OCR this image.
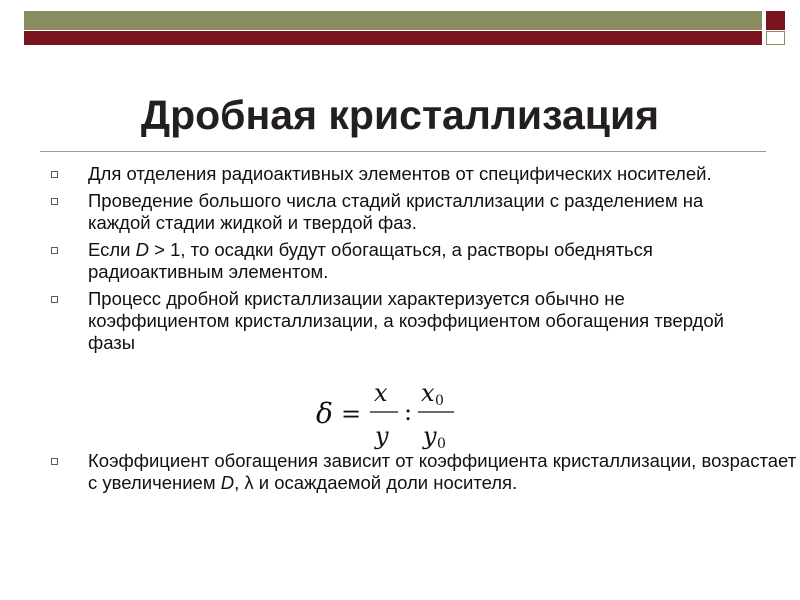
Дробная кристаллизация
Для отделения радиоактивных элементов от специфических носителей.
Проведение большого числа стадий кристаллизации с разделением на каждой стадии жидкой и твердой фаз.
Если D > 1, то осадки будут обогащаться, а растворы обедняться радиоактивным элементом.
Процесс дробной кристаллизации характеризуется обычно не коэффициентом кристаллизации, а коэффициентом обогащения твердой фазы
Коэффициент обогащения зависит от коэффициента кристаллизации, возрастает с увеличением D, λ и осаждаемой доли носителя.
δ =
x
y
:
x 0
y 0
